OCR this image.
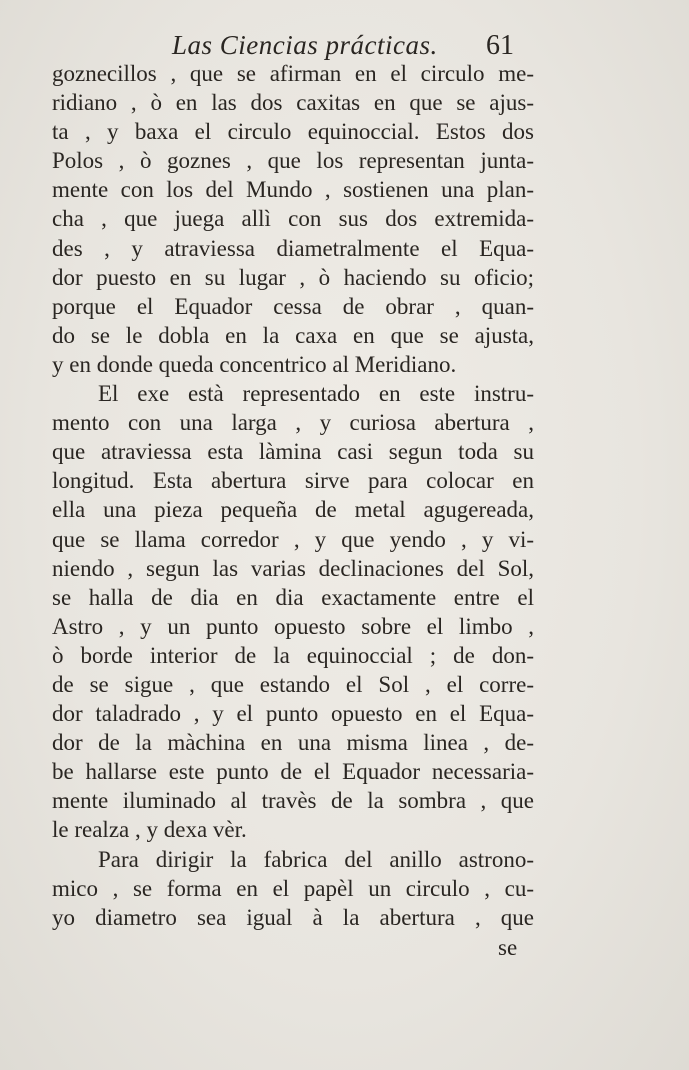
Las Ciencias prácticas. 61
goznecillos , que se afirman en el circulo me-
ridiano , ò en las dos caxitas en que se ajus-
ta , y baxa el circulo equinoccial. Estos dos
Polos , ò goznes , que los representan junta-
mente con los del Mundo , sostienen una plan-
cha , que juega allì con sus dos extremida-
des , y atraviessa diametralmente el Equa-
dor puesto en su lugar , ò haciendo su oficio;
porque el Equador cessa de obrar , quan-
do se le dobla en la caxa en que se ajusta,
y en donde queda concentrico al Meridiano.
El exe està representado en este instru-
mento con una larga , y curiosa abertura ,
que atraviessa esta làmina casi segun toda su
longitud. Esta abertura sirve para colocar en
ella una pieza pequeña de metal agugereada,
que se llama corredor , y que yendo , y vi-
niendo , segun las varias declinaciones del Sol,
se halla de dia en dia exactamente entre el
Astro , y un punto opuesto sobre el limbo ,
ò borde interior de la equinoccial ; de don-
de se sigue , que estando el Sol , el corre-
dor taladrado , y el punto opuesto en el Equa-
dor de la màchina en una misma linea , de-
be hallarse este punto de el Equador necessaria-
mente iluminado al travès de la sombra , que
le realza , y dexa vèr.
Para dirigir la fabrica del anillo astrono-
mico , se forma en el papèl un circulo , cu-
yo diametro sea igual à la abertura , que
se
